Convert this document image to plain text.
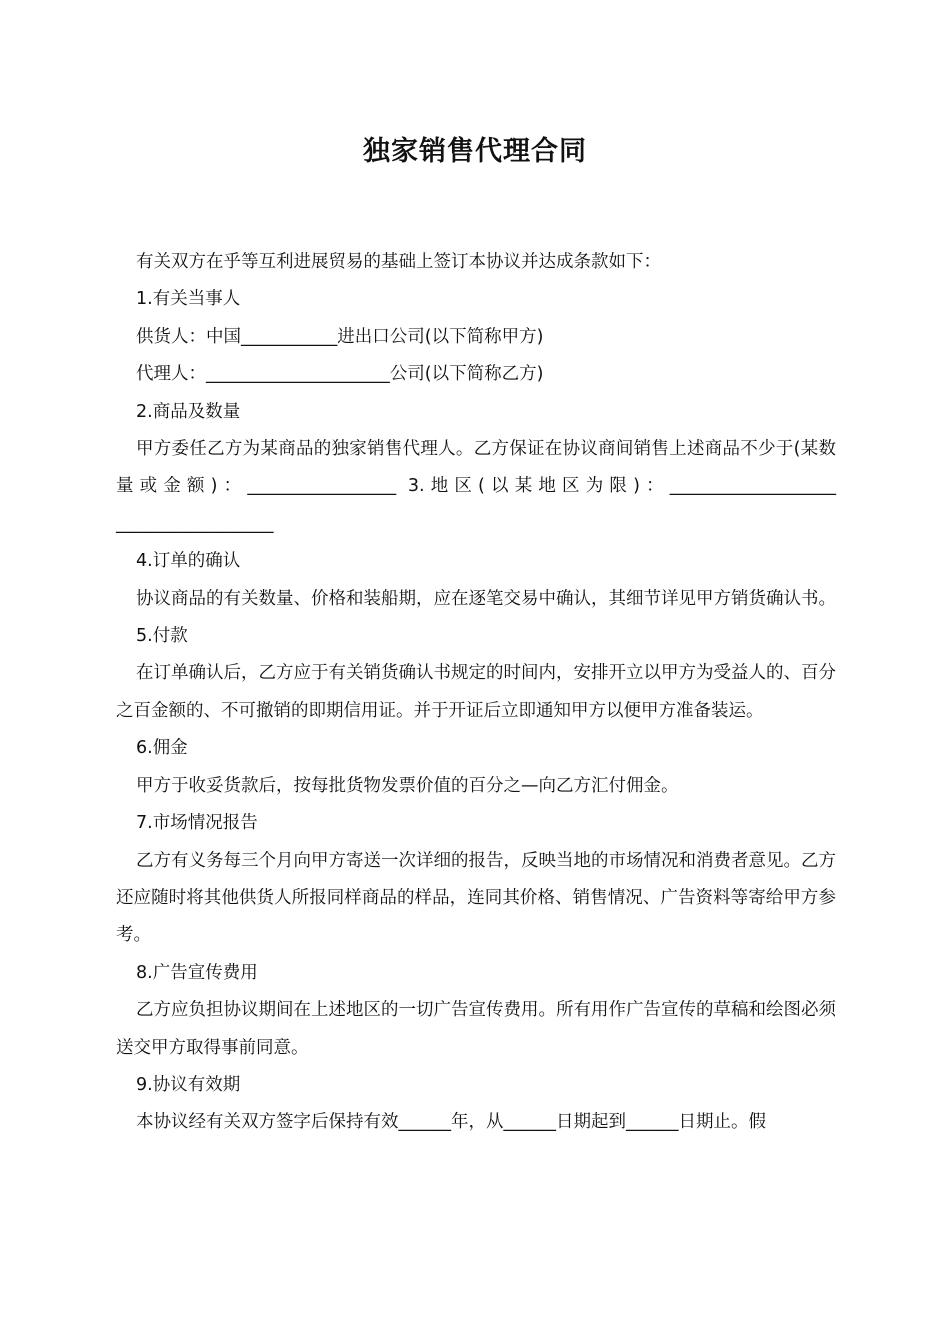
独家销售代理合同

有关双方在乎等互利进展贸易的基础上签订本协议并达成条款如下：

1.有关当事人

供货人：中国___________进出口公司(以下简称甲方)

代理人：_____________________公司(以下简称乙方)

2.商品及数量

甲方委任乙方为某商品的独家销售代理人。乙方保证在协议商间销售上述商品不少于(某数量或金额)：_________________ 3.地区(以某地区为限)：___________________ __________________

4.订单的确认

协议商品的有关数量、价格和装船期，应在逐笔交易中确认，其细节详见甲方销货确认书。

5.付款

在订单确认后，乙方应于有关销货确认书规定的时间内，安排开立以甲方为受益人的、百分之百金额的、不可撤销的即期信用证。并于开证后立即通知甲方以便甲方准备装运。

6.佣金

甲方于收妥货款后，按每批货物发票价值的百分之—向乙方汇付佣金。

7.市场情况报告

乙方有义务每三个月向甲方寄送一次详细的报告，反映当地的市场情况和消费者意见。乙方还应随时将其他供货人所报同样商品的样品，连同其价格、销售情况、广告资料等寄给甲方参考。

8.广告宣传费用

乙方应负担协议期间在上述地区的一切广告宣传费用。所有用作广告宣传的草稿和绘图必须送交甲方取得事前同意。

9.协议有效期

本协议经有关双方签字后保持有效______年，从______日期起到______日期止。假
